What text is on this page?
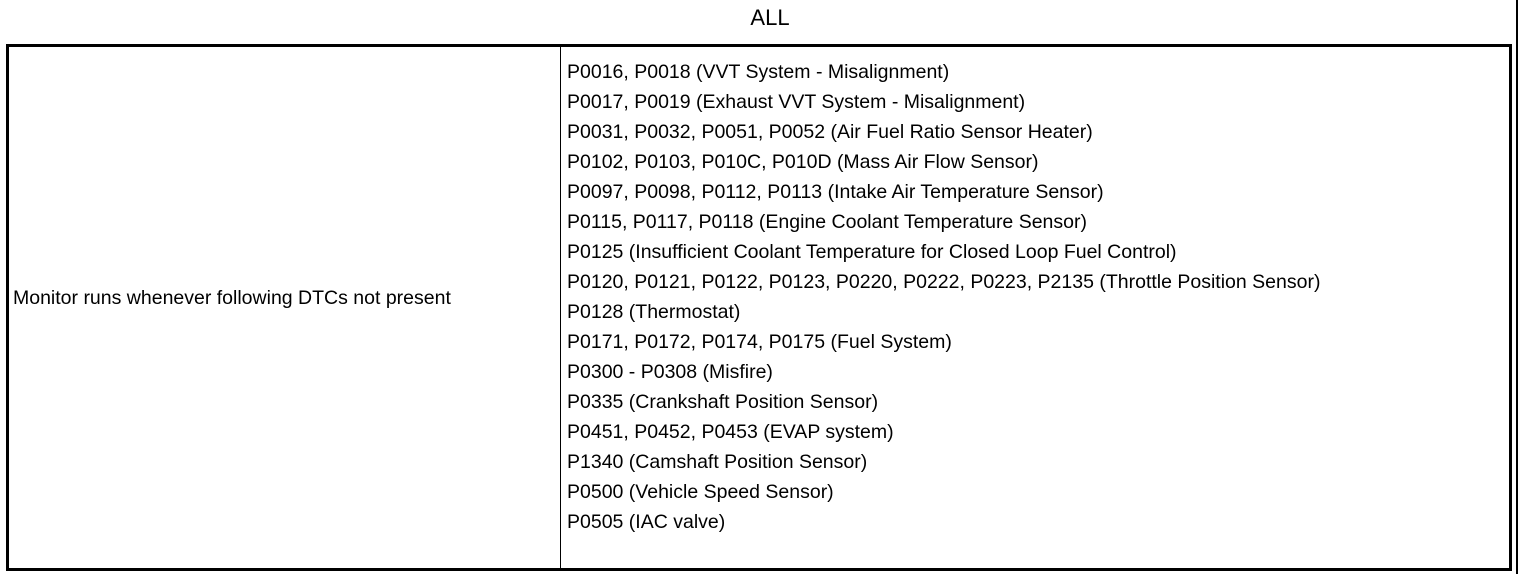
ALL
Monitor runs whenever following DTCs not present
P0016, P0018 (VVT System - Misalignment)
P0017, P0019 (Exhaust VVT System - Misalignment)
P0031, P0032, P0051, P0052 (Air Fuel Ratio Sensor Heater)
P0102, P0103, P010C, P010D (Mass Air Flow Sensor)
P0097, P0098, P0112, P0113 (Intake Air Temperature Sensor)
P0115, P0117, P0118 (Engine Coolant Temperature Sensor)
P0125 (Insufficient Coolant Temperature for Closed Loop Fuel Control)
P0120, P0121, P0122, P0123, P0220, P0222, P0223, P2135 (Throttle Position Sensor)
P0128 (Thermostat)
P0171, P0172, P0174, P0175 (Fuel System)
P0300 - P0308 (Misfire)
P0335 (Crankshaft Position Sensor)
P0451, P0452, P0453 (EVAP system)
P1340 (Camshaft Position Sensor)
P0500 (Vehicle Speed Sensor)
P0505 (IAC valve)
